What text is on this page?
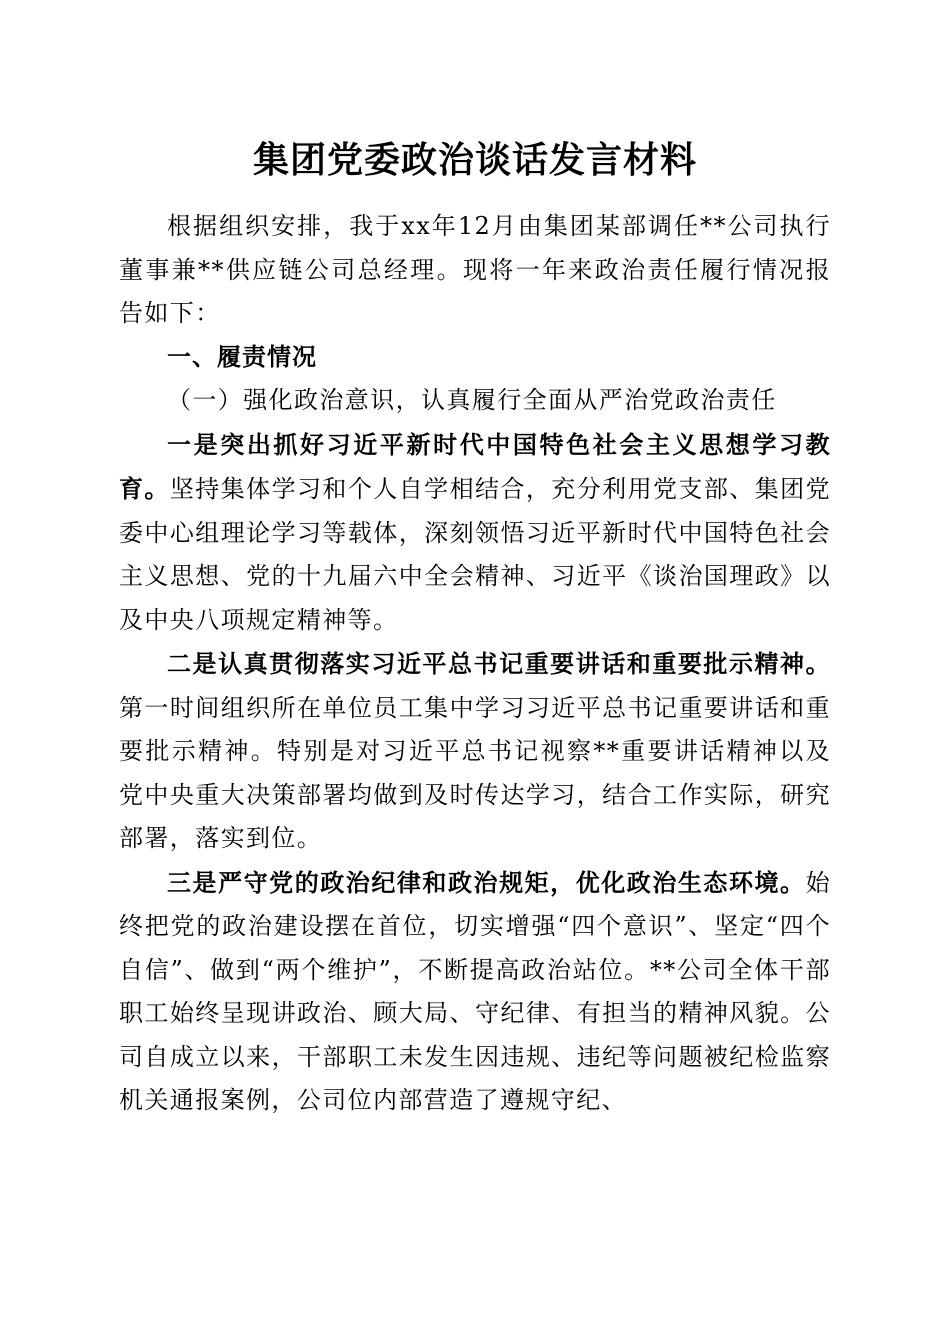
集团党委政治谈话发言材料

根据组织安排，我于xx年12月由集团某部调任**公司执行董事兼**供应链公司总经理。现将一年来政治责任履行情况报告如下：

一、履责情况

（一）强化政治意识，认真履行全面从严治党政治责任

一是突出抓好习近平新时代中国特色社会主义思想学习教育。坚持集体学习和个人自学相结合，充分利用党支部、集团党委中心组理论学习等载体，深刻领悟习近平新时代中国特色社会主义思想、党的十九届六中全会精神、习近平《谈治国理政》以及中央八项规定精神等。

二是认真贯彻落实习近平总书记重要讲话和重要批示精神。第一时间组织所在单位员工集中学习习近平总书记重要讲话和重要批示精神。特别是对习近平总书记视察**重要讲话精神以及党中央重大决策部署均做到及时传达学习，结合工作实际，研究部署，落实到位。

三是严守党的政治纪律和政治规矩，优化政治生态环境。始终把党的政治建设摆在首位，切实增强“四个意识”、坚定“四个自信”、做到“两个维护”，不断提高政治站位。**公司全体干部职工始终呈现讲政治、顾大局、守纪律、有担当的精神风貌。公司自成立以来，干部职工未发生因违规、违纪等问题被纪检监察机关通报案例，公司位内部营造了遵规守纪、
